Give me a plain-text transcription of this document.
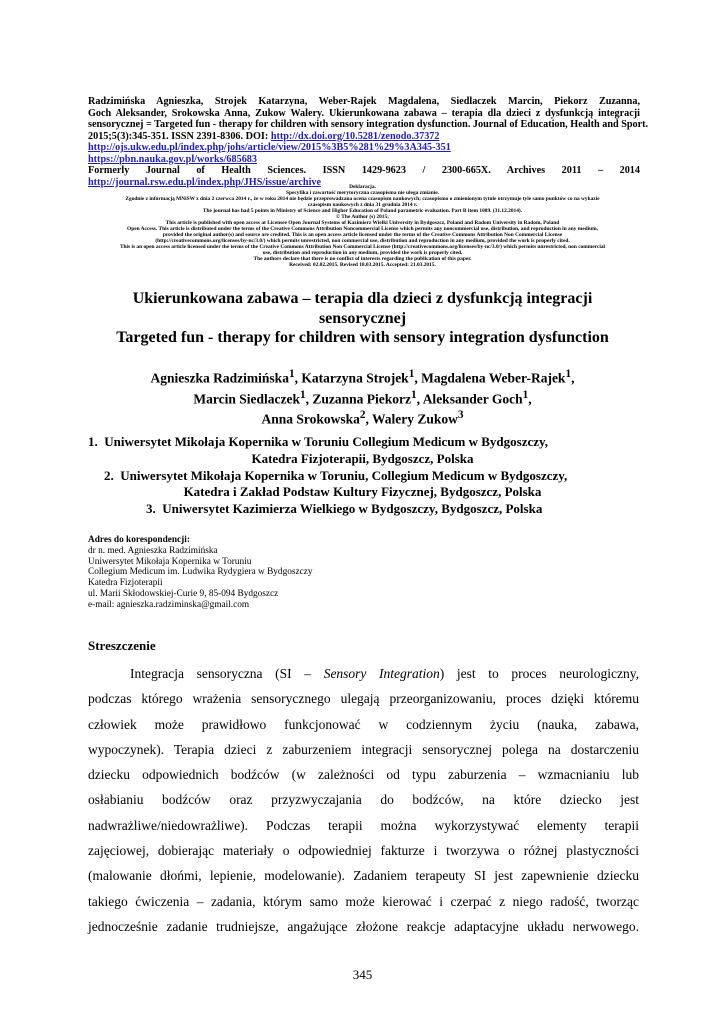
Radzimińska Agnieszka, Strojek Katarzyna, Weber-Rajek Magdalena, Siedlaczek Marcin, Piekorz Zuzanna,
Goch Aleksander, Srokowska Anna, Zukow Walery. Ukierunkowana zabawa – terapia dla dzieci z dysfunkcją integracji
sensorycznej = Targeted fun - therapy for children with sensory integration dysfunction. Journal of Education, Health and Sport.
2015;5(3):345-351. ISSN 2391-8306. DOI: http://dx.doi.org/10.5281/zenodo.37372
http://ojs.ukw.edu.pl/index.php/johs/article/view/2015%3B5%281%29%3A345-351
https://pbn.nauka.gov.pl/works/685683
Formerly Journal of Health Sciences. ISSN 1429-9623 / 2300-665X. Archives 2011 – 2014
http://journal.rsw.edu.pl/index.php/JHS/issue/archive	Deklaracja.
Specyfika i zawartość merytoryczna czasopisma nie ulega zmianie.
Zgodnie z informacją MNiSW z dnia 2 czerwca 2014 r., że w roku 2014 nie będzie przeprowadzana ocena czasopism naukowych; czasopismo o zmienionym tytule otrzymuje tyle samo punktów co na wykazie
czasopism naukowych z dnia 31 grudnia 2014 r.
The journal has had 5 points in Ministry of Science and Higher Education of Poland parametric evaluation. Part B item 1089. (31.12.2014).
© The Author (s) 2015;
This article is published with open access at Licensee Open Journal Systems of Kazimierz Wielki University in Bydgoszcz, Poland and Radom University in Radom, Poland
Open Access. This article is distributed under the terms of the Creative Commons Attribution Noncommercial License which permits any noncommercial use, distribution, and reproduction in any medium,
provided the original author(s) and source are credited. This is an open access article licensed under the terms of the Creative Commons Attribution Non Commercial License
(http://creativecommons.org/licenses/by-nc/3.0/) which permits unrestricted, non commercial use, distribution and reproduction in any medium, provided the work is properly cited.
This is an open access article licensed under the terms of the Creative Commons Attribution Non Commercial License (http://creativecommons.org/licenses/by-nc/3.0/) which permits unrestricted, non commercial
use, distribution and reproduction in any medium, provided the work is properly cited.
The authors declare that there is no conflict of interests regarding the publication of this paper.
Received: 02.02.2015. Revised 18.03.2015. Accepted: 21.03.2015.
Ukierunkowana zabawa – terapia dla dzieci z dysfunkcją integracji
sensorycznej
Targeted fun - therapy for children with sensory integration dysfunction
Agnieszka Radzimińska$^1$, Katarzyna Strojek$^1$, Magdalena Weber-Rajek$^1$,
Marcin Siedlaczek$^1$, Zuzanna Piekorz$^1$, Aleksander Goch$^1$,
Anna Srokowska$^2$, Walery Zukow$^3$
1. Uniwersytet Mikołaja Kopernika w Toruniu Collegium Medicum w Bydgoszczy,
Katedra Fizjoterapii, Bydgoszcz, Polska
2. Uniwersytet Mikołaja Kopernika w Toruniu, Collegium Medicum w Bydgoszczy,
Katedra i Zakład Podstaw Kultury Fizycznej, Bydgoszcz, Polska
3. Uniwersytet Kazimierza Wielkiego w Bydgoszczy, Bydgoszcz, Polska
Adres do korespondencji:
dr n. med. Agnieszka Radzimińska
Uniwersytet Mikołaja Kopernika w Toruniu
Collegium Medicum im. Ludwika Rydygiera w Bydgoszczy
Katedra Fizjoterapii
ul. Marii Skłodowskiej-Curie 9, 85-094 Bydgoszcz
e-mail: agnieszka.radziminska@gmail.com
Streszczenie
Integracja sensoryczna (SI – Sensory Integration) jest to proces neurologiczny,
podczas którego wrażenia sensorycznego ulegają przeorganizowaniu, proces dzięki któremu
człowiek może prawidłowo funkcjonować w codziennym życiu (nauka, zabawa,
wypoczynek). Terapia dzieci z zaburzeniem integracji sensorycznej polega na dostarczeniu
dziecku odpowiednich bodźców (w zależności od typu zaburzenia – wzmacnianiu lub
osłabianiu bodźców oraz przyzwyczajania do bodźców, na które dziecko jest
nadwrażliwe/niedowrażliwe). Podczas terapii można wykorzystywać elementy terapii
zajęciowej, dobierając materiały o odpowiedniej fakturze i tworzywa o różnej plastyczności
(malowanie dłońmi, lepienie, modelowanie). Zadaniem terapeuty SI jest zapewnienie dziecku
takiego ćwiczenia – zadania, którym samo może kierować i czerpać z niego radość, tworząc
jednocześnie zadanie trudniejsze, angażujące złożone reakcje adaptacyjne układu nerwowego.
345
